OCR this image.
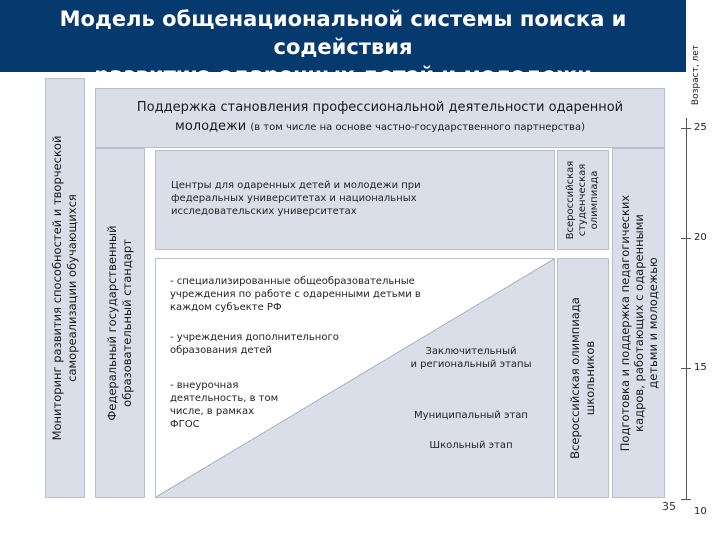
Модель общенациональной системы поиска и содействия
развитию одаренных детей и молодежи	Возраст, лет
Мониторинг развития способностей и творческой самореализации обучающихся Федеральный государственный образовательный стандарт
Поддержка становления профессиональной деятельности одаренной
молодежи (в том числе на основе частно-государственного партнерства)
Центры для одаренных детей и молодежи при
федеральных университетах и национальных
исследовательских университетах
- специализированные общеобразовательные
учреждения по работе с одаренными детьми в
каждом субъекте РФ
- учреждения дополнительного
образования детей
- внеурочная
деятельность, в том
числе, в рамках
ФГОС
Заключительный
и региональный этапы
Муниципальный этап
Школьный этап
Всероссийская студенческая олимпиада
Всероссийская олимпиада школьников Подготовка и поддержка педагогических кадров, работающих с одаренными детьми и молодежью
25
20
15
10
35
